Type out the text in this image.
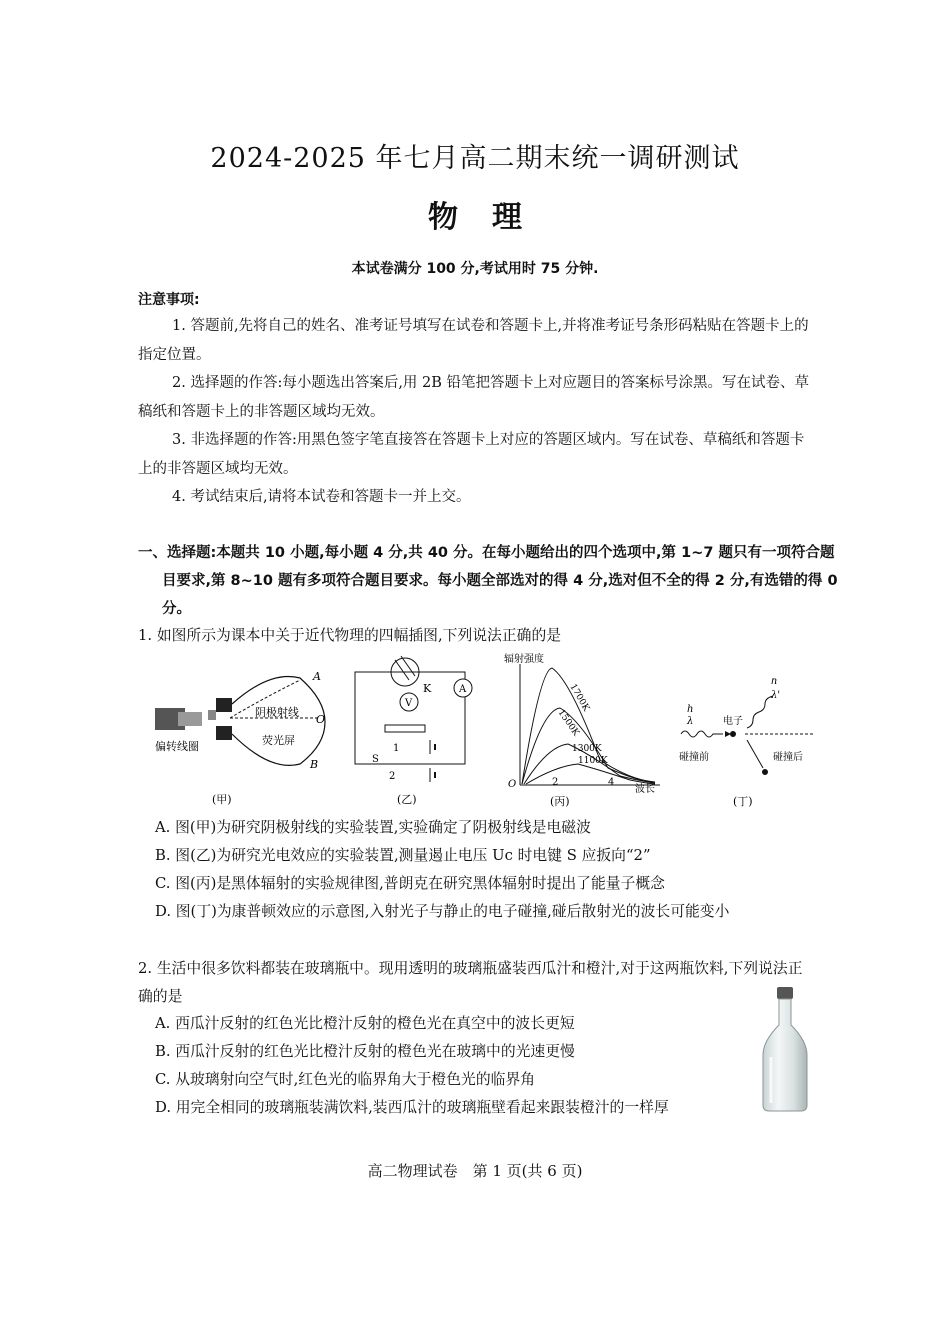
2024-2025 年七月高二期末统一调研测试
物理
本试卷满分 100 分,考试用时 75 分钟.
注意事项:
1. 答题前,先将自己的姓名、准考证号填写在试卷和答题卡上,并将准考证号条形码粘贴在答题卡上的指定位置。
2. 选择题的作答:每小题选出答案后,用 2B 铅笔把答题卡上对应题目的答案标号涂黑。写在试卷、草稿纸和答题卡上的非答题区域均无效。
3. 非选择题的作答:用黑色签字笔直接答在答题卡上对应的答题区域内。写在试卷、草稿纸和答题卡上的非答题区域均无效。
4. 考试结束后,请将本试卷和答题卡一并上交。
一、选择题:本题共 10 小题,每小题 4 分,共 40 分。在每小题给出的四个选项中,第 1~7 题只有一项符合题目要求,第 8~10 题有多项符合题目要求。每小题全部选对的得 4 分,选对但不全的得 2 分,有选错的得 0 分。
1. 如图所示为课本中关于近代物理的四幅插图,下列说法正确的是
A
O
B
阴极射线
荧光屏
偏转线圈
(甲)
K	A
V
1
2
S
(乙)
辐射强度
1700K
1500K
1300K
1100K
O	2	4
波长
(丙)
h
λ	电子
碰撞前
h
λ'
碰撞后
(丁)
A. 图(甲)为研究阴极射线的实验装置,实验确定了阴极射线是电磁波
B. 图(乙)为研究光电效应的实验装置,测量遏止电压 Uc 时电键 S 应扳向“2”
C. 图(丙)是黑体辐射的实验规律图,普朗克在研究黑体辐射时提出了能量子概念
D. 图(丁)为康普顿效应的示意图,入射光子与静止的电子碰撞,碰后散射光的波长可能变小
2. 生活中很多饮料都装在玻璃瓶中。现用透明的玻璃瓶盛装西瓜汁和橙汁,对于这两瓶饮料,下列说法正确的是
A. 西瓜汁反射的红色光比橙汁反射的橙色光在真空中的波长更短
B. 西瓜汁反射的红色光比橙汁反射的橙色光在玻璃中的光速更慢
C. 从玻璃射向空气时,红色光的临界角大于橙色光的临界角
D. 用完全相同的玻璃瓶装满饮料,装西瓜汁的玻璃瓶壁看起来跟装橙汁的一样厚
高二物理试卷　第 1 页(共 6 页)
